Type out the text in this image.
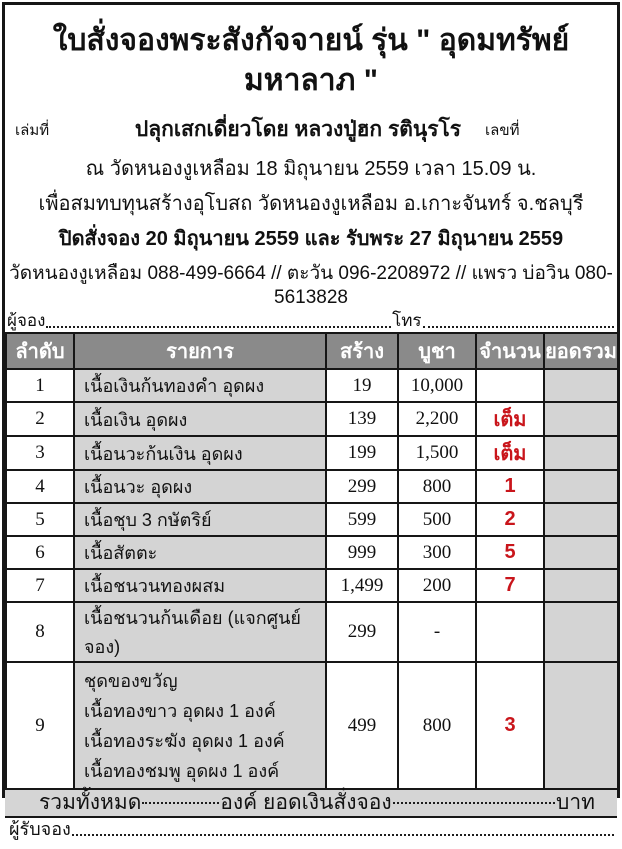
ใบสั่งจองพระสังกัจจายน์ รุ่น " อุดมทรัพย์มหาลาภ "
เล่มที่	ปลุกเสกเดี่ยวโดย หลวงปู่ฮก รตินุรโร	เลขที่
ณ วัดหนองงูเหลือม 18 มิถุนายน 2559 เวลา 15.09 น.
เพื่อสมทบทุนสร้างอุโบสถ วัดหนองงูเหลือม อ.เกาะจันทร์ จ.ชลบุรี
ปิดสั่งจอง 20 มิถุนายน 2559 และ รับพระ 27 มิถุนายน 2559
วัดหนองงูเหลือม 088-499-6664 // ตะวัน 096-2208972 // แพรว บ่อวิน 080-5613828
ผู้จอง	โทร
ลำดับ	รายการ	สร้าง	บูชา	จำนวน	ยอดรวม
1	เนื้อเงินก้นทองคำ อุดผง	19	10,000		
2	เนื้อเงิน อุดผง	139	2,200	เต็ม	
3	เนื้อนวะก้นเงิน อุดผง	199	1,500	เต็ม	
4	เนื้อนวะ อุดผง	299	800	1	
5	เนื้อชุบ 3 กษัตริย์	599	500	2	
6	เนื้อสัตตะ	999	300	5	
7	เนื้อชนวนทองผสม	1,499	200	7	
8	เนื้อชนวนก้นเดือย (แจกศูนย์จอง)	299	-		
9	ชุดของขวัญ
เนื้อทองขาว อุดผง 1 องค์
เนื้อทองระฆัง อุดผง 1 องค์
เนื้อทองชมพู อุดผง 1 องค์	499	800	3	
รวมทั้งหมด	องค์ ยอดเงินสั่งจอง	บาท
ผู้รับจอง
